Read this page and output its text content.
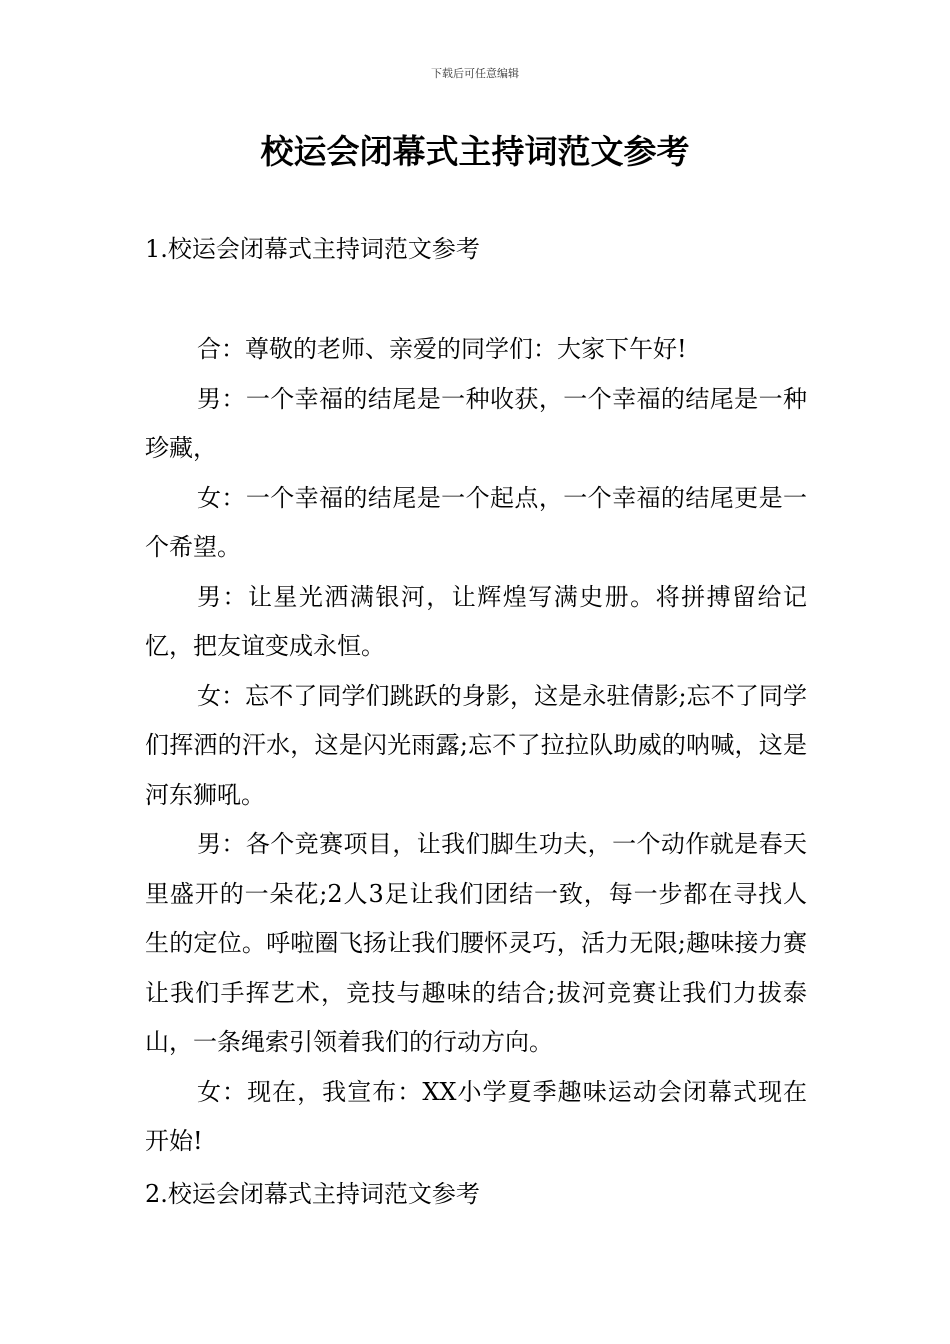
下载后可任意编辑
校运会闭幕式主持词范文参考

1.校运会闭幕式主持词范文参考

合：尊敬的老师、亲爱的同学们：大家下午好!

男：一个幸福的结尾是一种收获，一个幸福的结尾是一种珍藏，

女：一个幸福的结尾是一个起点，一个幸福的结尾更是一个希望。

男：让星光洒满银河，让辉煌写满史册。将拼搏留给记忆，把友谊变成永恒。

女：忘不了同学们跳跃的身影，这是永驻倩影;忘不了同学们挥洒的汗水，这是闪光雨露;忘不了拉拉队助威的呐喊，这是河东狮吼。

男：各个竞赛项目，让我们脚生功夫，一个动作就是春天里盛开的一朵花;2人3足让我们团结一致，每一步都在寻找人生的定位。呼啦圈飞扬让我们腰怀灵巧，活力无限;趣味接力赛让我们手挥艺术，竞技与趣味的结合;拔河竞赛让我们力拔泰山，一条绳索引领着我们的行动方向。

女：现在，我宣布：XX小学夏季趣味运动会闭幕式现在开始!

2.校运会闭幕式主持词范文参考
